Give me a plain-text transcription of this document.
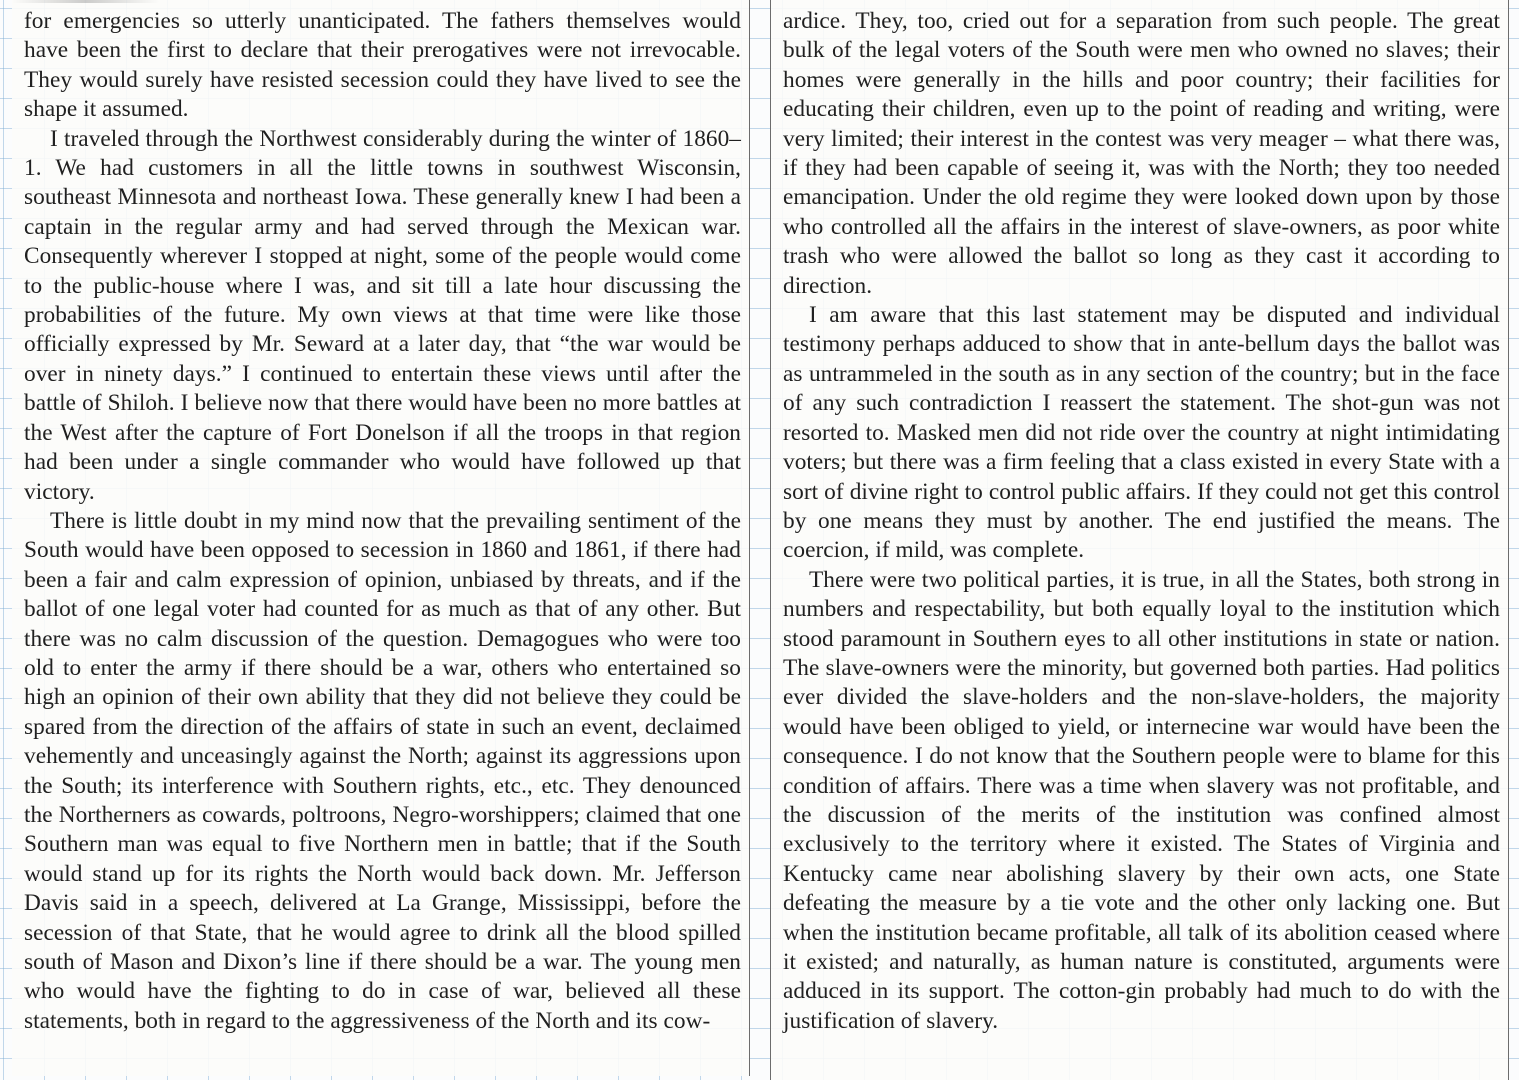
for emergencies so utterly unanticipated. The fathers themselves would have been the first to declare that their prerogatives were not irrevocable. They would surely have resisted secession could they have lived to see the shape it assumed.

I traveled through the Northwest considerably during the winter of 1860–1. We had customers in all the little towns in southwest Wisconsin, southeast Minnesota and northeast Iowa. These generally knew I had been a captain in the regular army and had served through the Mexican war. Consequently wherever I stopped at night, some of the people would come to the public-house where I was, and sit till a late hour discussing the probabilities of the future. My own views at that time were like those officially expressed by Mr. Seward at a later day, that “the war would be over in ninety days.” I continued to entertain these views until after the battle of Shiloh. I believe now that there would have been no more battles at the West after the capture of Fort Donelson if all the troops in that region had been under a single commander who would have followed up that victory.

There is little doubt in my mind now that the prevailing sentiment of the South would have been opposed to secession in 1860 and 1861, if there had been a fair and calm expression of opinion, unbiased by threats, and if the ballot of one legal voter had counted for as much as that of any other. But there was no calm discussion of the question. Demagogues who were too old to enter the army if there should be a war, others who entertained so high an opinion of their own ability that they did not believe they could be spared from the direction of the affairs of state in such an event, declaimed vehemently and unceasingly against the North; against its aggressions upon the South; its interference with Southern rights, etc., etc. They denounced the Northerners as cowards, poltroons, Negro-worshippers; claimed that one Southern man was equal to five Northern men in battle; that if the South would stand up for its rights the North would back down. Mr. Jefferson Davis said in a speech, delivered at La Grange, Mississippi, before the secession of that State, that he would agree to drink all the blood spilled south of Mason and Dixon’s line if there should be a war. The young men who would have the fighting to do in case of war, believed all these statements, both in regard to the aggressiveness of the North and its cow-

ardice. They, too, cried out for a separation from such people. The great bulk of the legal voters of the South were men who owned no slaves; their homes were generally in the hills and poor country; their facilities for educating their children, even up to the point of reading and writing, were very limited; their interest in the contest was very meager – what there was, if they had been capable of seeing it, was with the North; they too needed emancipation. Under the old regime they were looked down upon by those who controlled all the affairs in the interest of slave-owners, as poor white trash who were allowed the ballot so long as they cast it according to direction.

I am aware that this last statement may be disputed and individual testimony perhaps adduced to show that in ante-bellum days the ballot was as untrammeled in the south as in any section of the country; but in the face of any such contradiction I reassert the statement. The shot-gun was not resorted to. Masked men did not ride over the country at night intimidating voters; but there was a firm feeling that a class existed in every State with a sort of divine right to control public affairs. If they could not get this control by one means they must by another. The end justified the means. The coercion, if mild, was complete.

There were two political parties, it is true, in all the States, both strong in numbers and respectability, but both equally loyal to the institution which stood paramount in Southern eyes to all other institutions in state or nation. The slave-owners were the minority, but governed both parties. Had politics ever divided the slave-holders and the non-slave-holders, the majority would have been obliged to yield, or internecine war would have been the consequence. I do not know that the Southern people were to blame for this condition of affairs. There was a time when slavery was not profitable, and the discussion of the merits of the institution was confined almost exclusively to the territory where it existed. The States of Virginia and Kentucky came near abolishing slavery by their own acts, one State defeating the measure by a tie vote and the other only lacking one. But when the institution became profitable, all talk of its abolition ceased where it existed; and naturally, as human nature is constituted, arguments were adduced in its support. The cotton-gin probably had much to do with the justification of slavery.
